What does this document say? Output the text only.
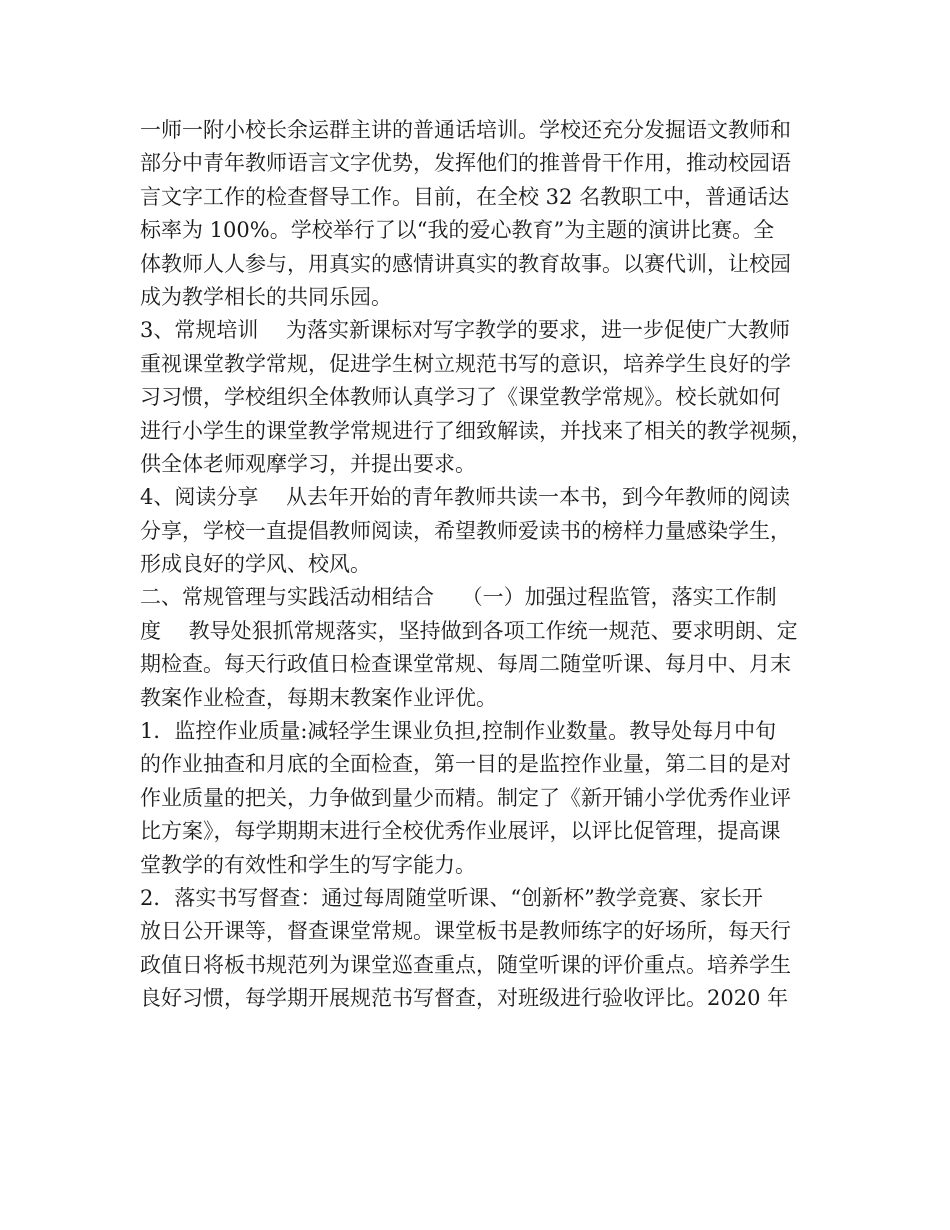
一师一附小校长余运群主讲的普通话培训。学校还充分发掘语文教师和
部分中青年教师语言文字优势，发挥他们的推普骨干作用，推动校园语
言文字工作的检查督导工作。目前，在全校 32 名教职工中，普通话达
标率为 100%。学校举行了以“我的爱心教育”为主题的演讲比赛。全
体教师人人参与，用真实的感情讲真实的教育故事。以赛代训，让校园
成为教学相长的共同乐园。
3、常规培训　 为落实新课标对写字教学的要求，进一步促使广大教师
重视课堂教学常规，促进学生树立规范书写的意识，培养学生良好的学
习习惯，学校组织全体教师认真学习了《课堂教学常规》。校长就如何
进行小学生的课堂教学常规进行了细致解读，并找来了相关的教学视频，
供全体老师观摩学习，并提出要求。
4、阅读分享　 从去年开始的青年教师共读一本书，到今年教师的阅读
分享，学校一直提倡教师阅读，希望教师爱读书的榜样力量感染学生，
形成良好的学风、校风。
二、常规管理与实践活动相结合　 （一）加强过程监管，落实工作制
度　 教导处狠抓常规落实，坚持做到各项工作统一规范、要求明朗、定
期检查。每天行政值日检查课堂常规、每周二随堂听课、每月中、月末
教案作业检查，每期末教案作业评优。
1．监控作业质量:减轻学生课业负担,控制作业数量。教导处每月中旬
的作业抽查和月底的全面检查，第一目的是监控作业量，第二目的是对
作业质量的把关，力争做到量少而精。制定了《新开铺小学优秀作业评
比方案》，每学期期末进行全校优秀作业展评，以评比促管理，提高课
堂教学的有效性和学生的写字能力。
2．落实书写督查：通过每周随堂听课、“创新杯”教学竞赛、家长开
放日公开课等，督查课堂常规。课堂板书是教师练字的好场所，每天行
政值日将板书规范列为课堂巡查重点，随堂听课的评价重点。培养学生
良好习惯，每学期开展规范书写督查，对班级进行验收评比。2020 年
